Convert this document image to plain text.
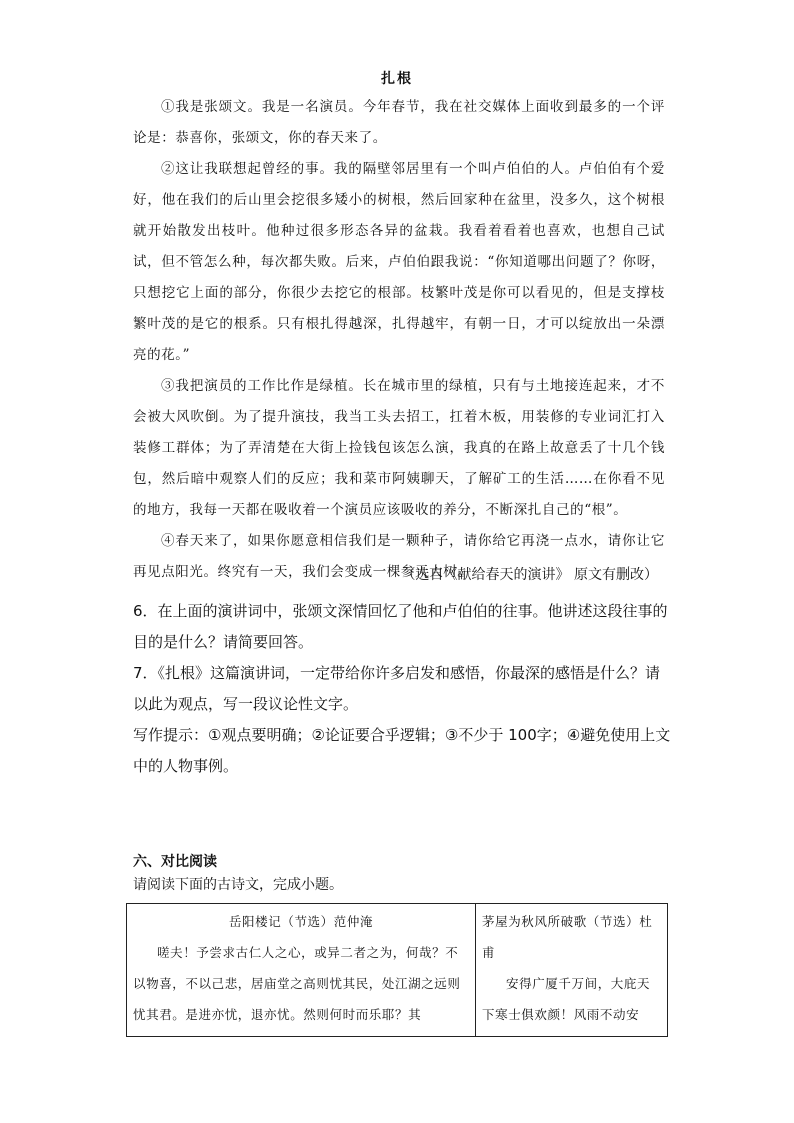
扎根

①我是张颂文。我是一名演员。今年春节，我在社交媒体上面收到最多的一个评论是：恭喜你，张颂文，你的春天来了。

②这让我联想起曾经的事。我的隔壁邻居里有一个叫卢伯伯的人。卢伯伯有个爱好，他在我们的后山里会挖很多矮小的树根，然后回家种在盆里，没多久，这个树根就开始散发出枝叶。他种过很多形态各异的盆栽。我看着看着也喜欢，也想自己试试，但不管怎么种，每次都失败。后来，卢伯伯跟我说：“你知道哪出问题了？你呀，只想挖它上面的部分，你很少去挖它的根部。枝繁叶茂是你可以看见的，但是支撑枝繁叶茂的是它的根系。只有根扎得越深，扎得越牢，有朝一日，才可以绽放出一朵漂亮的花。”

③我把演员的工作比作是绿植。长在城市里的绿植，只有与土地接连起来，才不会被大风吹倒。为了提升演技，我当工头去招工，扛着木板，用装修的专业词汇打入装修工群体；为了弄清楚在大街上捡钱包该怎么演，我真的在路上故意丢了十几个钱包，然后暗中观察人们的反应；我和菜市阿姨聊天，了解矿工的生活……在你看不见的地方，我每一天都在吸收着一个演员应该吸收的养分，不断深扎自己的“根”。

④春天来了，如果你愿意相信我们是一颗种子，请你给它再浇一点水，请你让它再见点阳光。终究有一天，我们会变成一棵参天大树。

（选自《献给春天的演讲》 原文有删改）

6．在上面的演讲词中，张颂文深情回忆了他和卢伯伯的往事。他讲述这段往事的目的是什么？请简要回答。

7．《扎根》这篇演讲词，一定带给你许多启发和感悟，你最深的感悟是什么？请以此为观点，写一段议论性文字。

写作提示：①观点要明确；②论证要合乎逻辑；③不少于 100字；④避免使用上文中的人物事例。

六、对比阅读
请阅读下面的古诗文，完成小题。
岳阳楼记（节选）范仲淹

嗟夫！予尝求古仁人之心，或异二者之为，何哉？不以物喜，不以己悲，居庙堂之高则忧其民，处江湖之远则忧其君。是进亦忧，退亦忧。然则何时而乐耶？其

茅屋为秋风所破歌（节选）杜甫

安得广厦千万间，大庇天下寒士俱欢颜！风雨不动安
